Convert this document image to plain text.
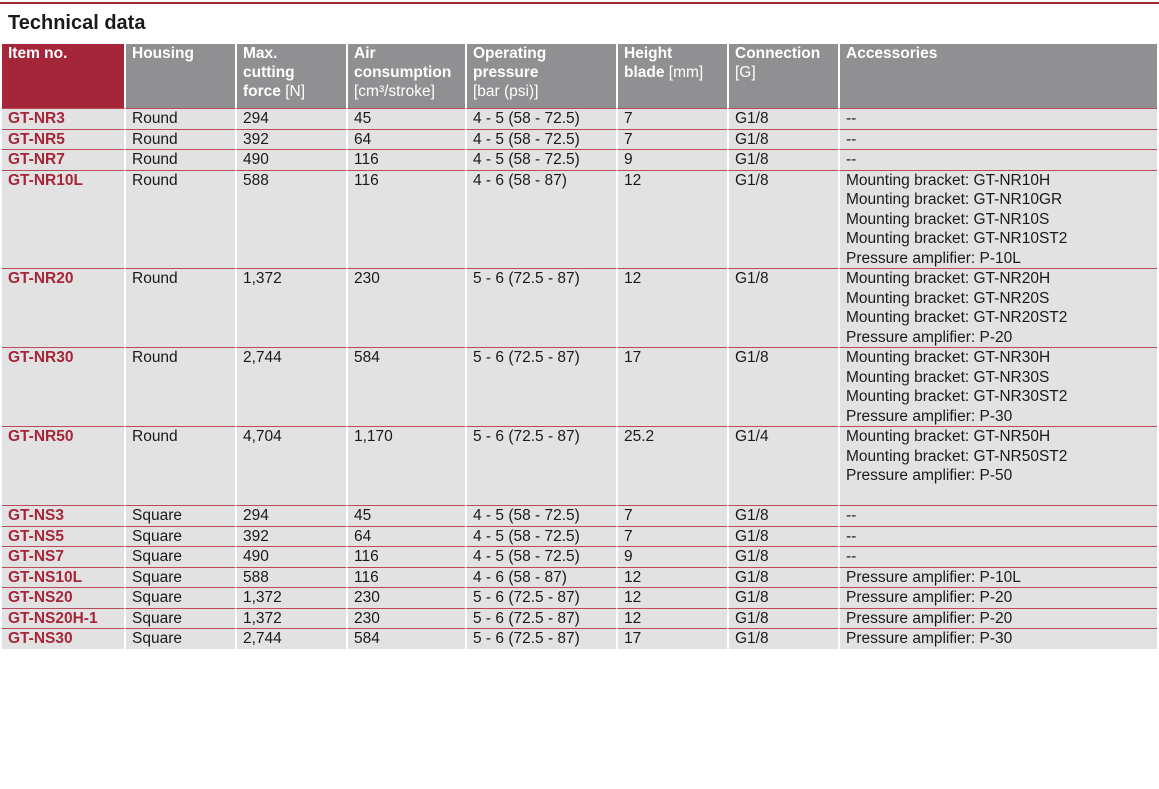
Technical data
Item no.	Housing	Max.
cutting
force [N]	Air
consumption
[cm³/stroke]	Operating
pressure
[bar (psi)]	Height
blade [mm]	Connection
[G]	Accessories

GT-NR3	Round	294	45	4 - 5 (58 - 72.5)	7	G1/8	--

GT-NR5	Round	392	64	4 - 5 (58 - 72.5)	7	G1/8	--

GT-NR7	Round	490	116	4 - 5 (58 - 72.5)	9	G1/8	--

GT-NR10L	Round	588	116	4 - 6 (58 - 87)	12	G1/8	Mounting bracket: GT-NR10H
Mounting bracket: GT-NR10GR
Mounting bracket: GT-NR10S
Mounting bracket: GT-NR10ST2
Pressure amplifier: P-10L

GT-NR20	Round	1,372	230	5 - 6 (72.5 - 87)	12	G1/8	Mounting bracket: GT-NR20H
Mounting bracket: GT-NR20S
Mounting bracket: GT-NR20ST2
Pressure amplifier: P-20

GT-NR30	Round	2,744	584	5 - 6 (72.5 - 87)	17	G1/8	Mounting bracket: GT-NR30H
Mounting bracket: GT-NR30S
Mounting bracket: GT-NR30ST2
Pressure amplifier: P-30

GT-NR50	Round	4,704	1,170	5 - 6 (72.5 - 87)	25.2	G1/4	Mounting bracket: GT-NR50H
Mounting bracket: GT-NR50ST2
Pressure amplifier: P-50

GT-NS3	Square	294	45	4 - 5 (58 - 72.5)	7	G1/8	--

GT-NS5	Square	392	64	4 - 5 (58 - 72.5)	7	G1/8	--

GT-NS7	Square	490	116	4 - 5 (58 - 72.5)	9	G1/8	--

GT-NS10L	Square	588	116	4 - 6 (58 - 87)	12	G1/8	Pressure amplifier: P-10L

GT-NS20	Square	1,372	230	5 - 6 (72.5 - 87)	12	G1/8	Pressure amplifier: P-20

GT-NS20H-1	Square	1,372	230	5 - 6 (72.5 - 87)	12	G1/8	Pressure amplifier: P-20

GT-NS30	Square	2,744	584	5 - 6 (72.5 - 87)	17	G1/8	Pressure amplifier: P-30
